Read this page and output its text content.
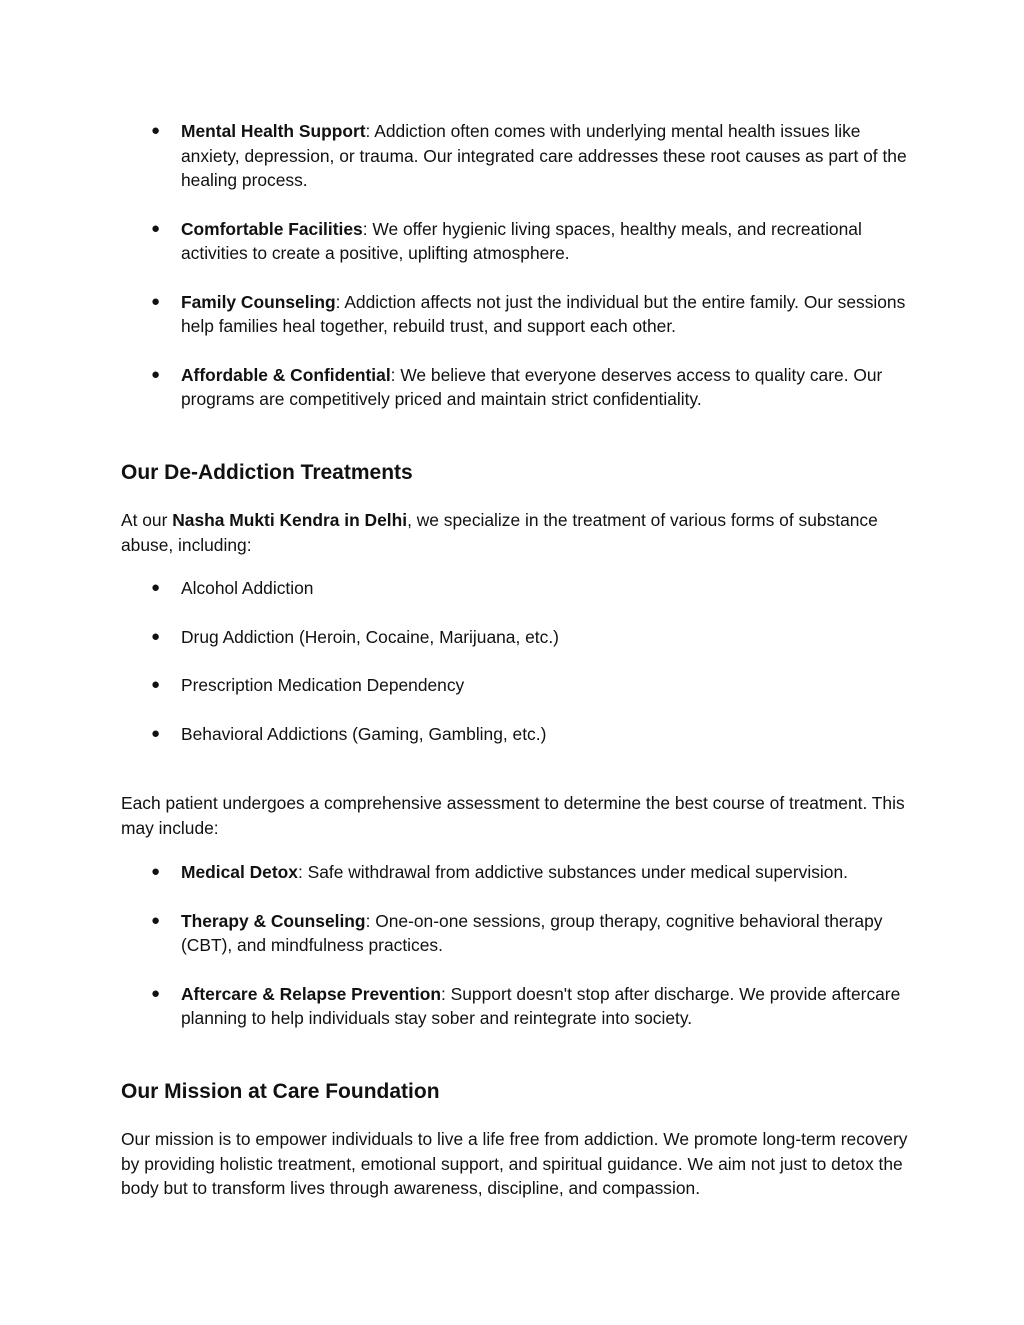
● Mental Health Support: Addiction often comes with underlying mental health issues like anxiety, depression, or trauma. Our integrated care addresses these root causes as part of the healing process.
● Comfortable Facilities: We offer hygienic living spaces, healthy meals, and recreational activities to create a positive, uplifting atmosphere.
● Family Counseling: Addiction affects not just the individual but the entire family. Our sessions help families heal together, rebuild trust, and support each other.
● Affordable & Confidential: We believe that everyone deserves access to quality care. Our programs are competitively priced and maintain strict confidentiality.
Our De-Addiction Treatments

At our Nasha Mukti Kendra in Delhi, we specialize in the treatment of various forms of substance abuse, including:

● Alcohol Addiction
● Drug Addiction (Heroin, Cocaine, Marijuana, etc.)
● Prescription Medication Dependency
● Behavioral Addictions (Gaming, Gambling, etc.)

Each patient undergoes a comprehensive assessment to determine the best course of treatment. This may include:

● Medical Detox: Safe withdrawal from addictive substances under medical supervision.
● Therapy & Counseling: One-on-one sessions, group therapy, cognitive behavioral therapy (CBT), and mindfulness practices.
● Aftercare & Relapse Prevention: Support doesn't stop after discharge. We provide aftercare planning to help individuals stay sober and reintegrate into society.
Our Mission at Care Foundation

Our mission is to empower individuals to live a life free from addiction. We promote long-term recovery by providing holistic treatment, emotional support, and spiritual guidance. We aim not just to detox the body but to transform lives through awareness, discipline, and compassion.
